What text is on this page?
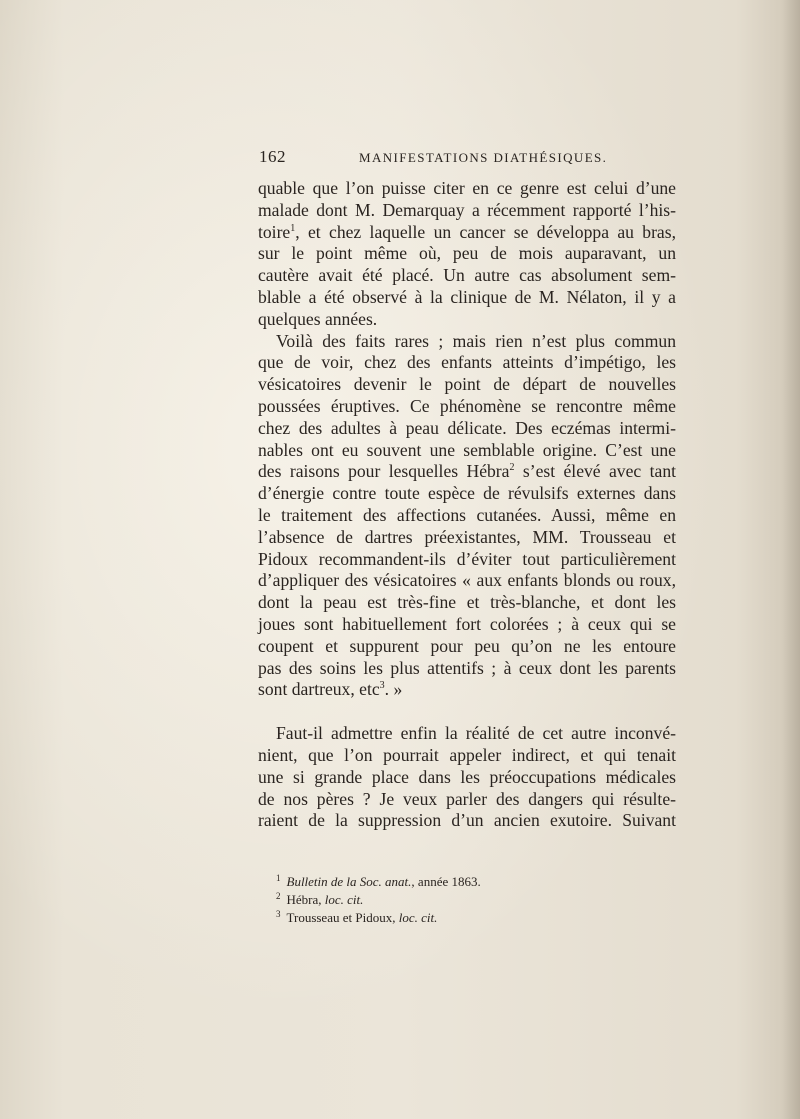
162	MANIFESTATIONS DIATHÉSIQUES.
quable que l’on puisse citer en ce genre est celui d’une
malade dont M. Demarquay a récemment rapporté l’his-
toire$^1$, et chez laquelle un cancer se développa au bras,
sur le point même où, peu de mois auparavant, un
cautère avait été placé. Un autre cas absolument sem-
blable a été observé à la clinique de M. Nélaton, il y a
quelques années.
Voilà des faits rares ; mais rien n’est plus commun
que de voir, chez des enfants atteints d’impétigo, les
vésicatoires devenir le point de départ de nouvelles
poussées éruptives. Ce phénomène se rencontre même
chez des adultes à peau délicate. Des eczémas intermi-
nables ont eu souvent une semblable origine. C’est une
des raisons pour lesquelles Hébra$^2$ s’est élevé avec tant
d’énergie contre toute espèce de révulsifs externes dans
le traitement des affections cutanées. Aussi, même en
l’absence de dartres préexistantes, MM. Trousseau et
Pidoux recommandent-ils d’éviter tout particulièrement
d’appliquer des vésicatoires « aux enfants blonds ou roux,
dont la peau est très-fine et très-blanche, et dont les
joues sont habituellement fort colorées ; à ceux qui se
coupent et suppurent pour peu qu’on ne les entoure
pas des soins les plus attentifs ; à ceux dont les parents
sont dartreux, etc$^3$. »
Faut-il admettre enfin la réalité de cet autre inconvé-
nient, que l’on pourrait appeler indirect, et qui tenait
une si grande place dans les préoccupations médicales
de nos pères ? Je veux parler des dangers qui résulte-
raient de la suppression d’un ancien exutoire. Suivant
$^1$ Bulletin de la Soc. anat., année 1863.
$^2$ Hébra, loc. cit.
$^3$ Trousseau et Pidoux, loc. cit.
